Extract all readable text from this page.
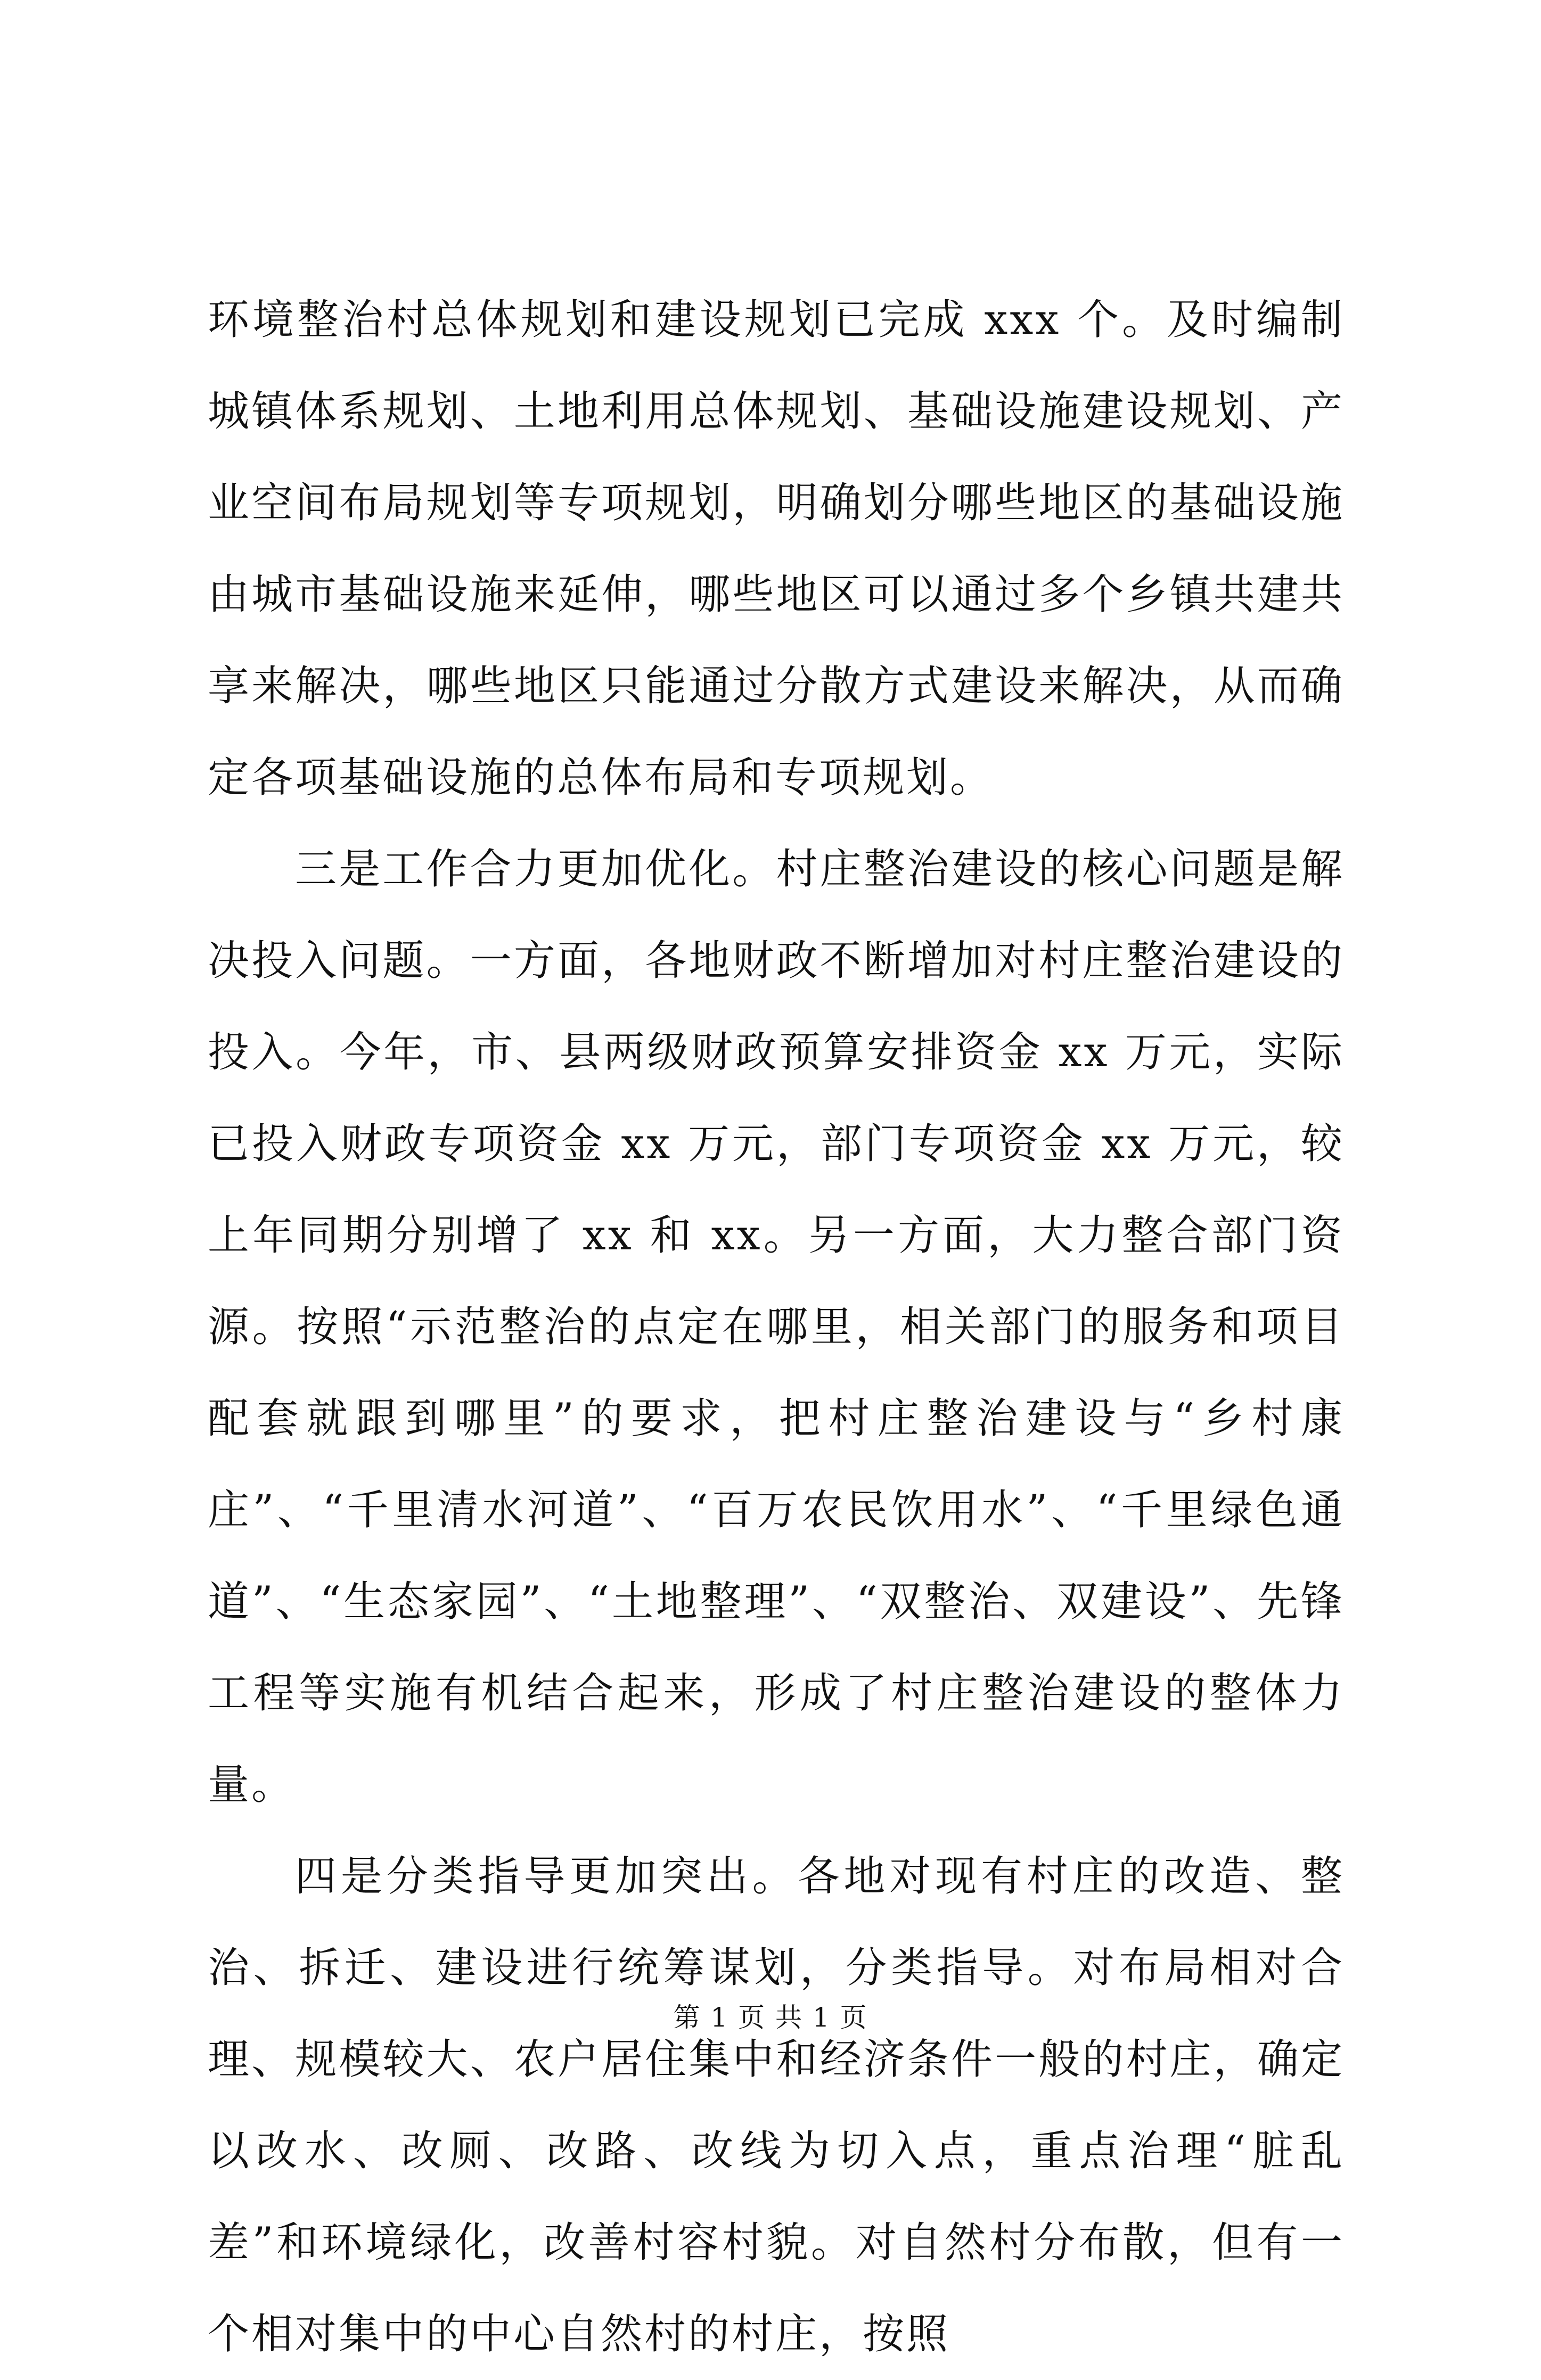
环境整治村总体规划和建设规划已完成 xxx 个。及时编制城镇体系规划、土地利用总体规划、基础设施建设规划、产业空间布局规划等专项规划，明确划分哪些地区的基础设施由城市基础设施来延伸，哪些地区可以通过多个乡镇共建共享来解决，哪些地区只能通过分散方式建设来解决，从而确定各项基础设施的总体布局和专项规划。

三是工作合力更加优化。村庄整治建设的核心问题是解决投入问题。一方面，各地财政不断增加对村庄整治建设的投入。今年，市、县两级财政预算安排资金 xx 万元，实际已投入财政专项资金 xx 万元，部门专项资金 xx 万元，较上年同期分别增了 xx 和 xx。另一方面，大力整合部门资源。按照“示范整治的点定在哪里，相关部门的服务和项目配套就跟到哪里”的要求，把村庄整治建设与“乡村康庄”、“千里清水河道”、“百万农民饮用水”、“千里绿色通道”、“生态家园”、“土地整理”、“双整治、双建设”、先锋工程等实施有机结合起来，形成了村庄整治建设的整体力量。

四是分类指导更加突出。各地对现有村庄的改造、整治、拆迁、建设进行统筹谋划，分类指导。对布局相对合理、规模较大、农户居住集中和经济条件一般的村庄，确定以改水、改厕、改路、改线为切入点，重点治理“脏乱差”和环境绿化，改善村容村貌。对自然村分布散，但有一个相对集中的中心自然村的村庄，按照

第 1 页 共 1 页
